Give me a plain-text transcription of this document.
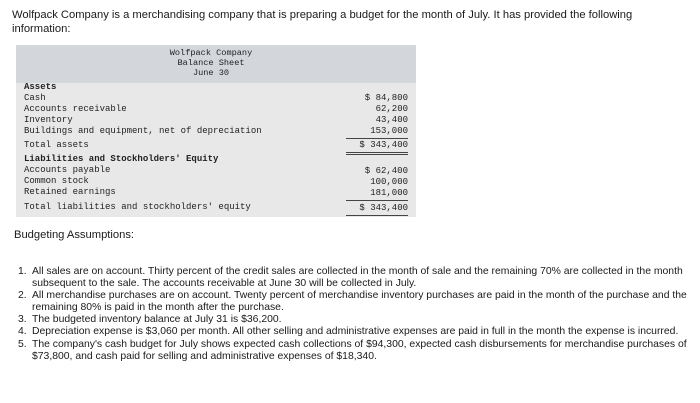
Wolfpack Company is a merchandising company that is preparing a budget for the month of July. It has provided the following information:
Wolfpack Company
Balance Sheet
June 30
Assets
Cash	$ 84,800
Accounts receivable	62,200
Inventory	43,400
Buildings and equipment, net of depreciation	153,000
Total assets	$ 343,400
Liabilities and Stockholders' Equity
Accounts payable	$ 62,400
Common stock	100,000
Retained earnings	181,000
Total liabilities and stockholders' equity	$ 343,400
Budgeting Assumptions:
1. All sales are on account. Thirty percent of the credit sales are collected in the month of sale and the remaining 70% are collected in the month subsequent to the sale. The accounts receivable at June 30 will be collected in July.
2. All merchandise purchases are on account. Twenty percent of merchandise inventory purchases are paid in the month of the purchase and the remaining 80% is paid in the month after the purchase.
3. The budgeted inventory balance at July 31 is $36,200.
4. Depreciation expense is $3,060 per month. All other selling and administrative expenses are paid in full in the month the expense is incurred.
5. The company's cash budget for July shows expected cash collections of $94,300, expected cash disbursements for merchandise purchases of $73,800, and cash paid for selling and administrative expenses of $18,340.
